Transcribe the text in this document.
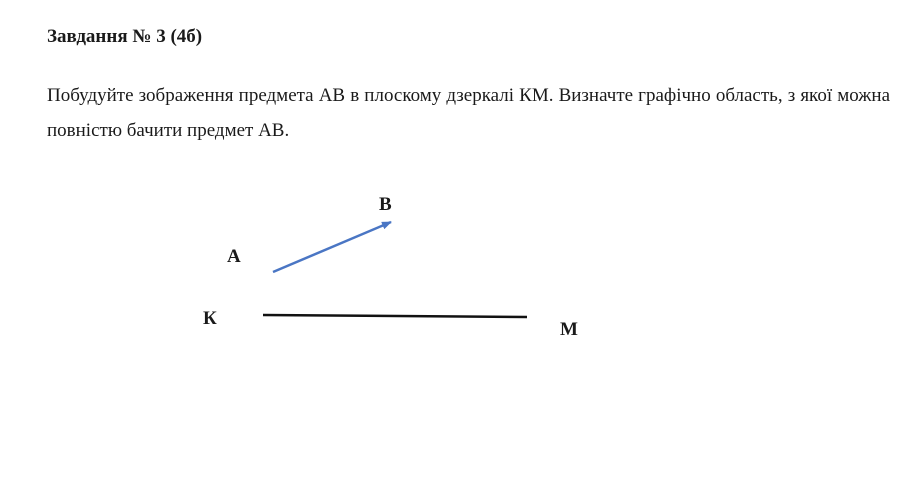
Завдання № 3 (4б)
Побудуйте зображення предмета АВ в плоскому дзеркалі КМ. Визначте графічно область, з якої можна повністю бачити предмет АВ.
А
В
К
М
